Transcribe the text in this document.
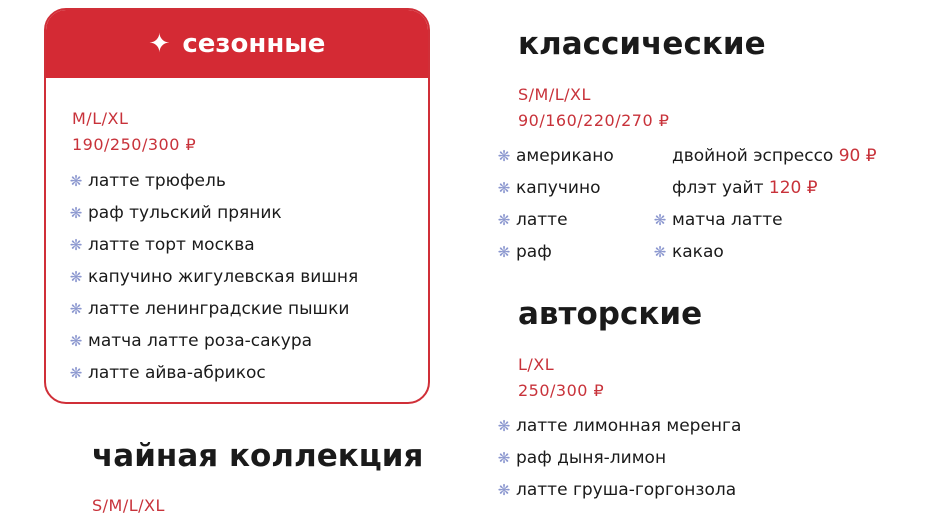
✦ сезонные
M/L/XL
190/250/300 ₽
❋ латте трюфель
❋ раф тульский пряник
❋ латте торт москва
❋ капучино жигулевская вишня
❋ латте ленинградские пышки
❋ матча латте роза-сакура
❋ латте айва-абрикос
чайная коллекция
S/M/L/XL
классические
S/M/L/XL
90/160/220/270 ₽
❋ американо
❋ капучино
❋ латте
❋ раф
двойной эспрессо 90 ₽
флэт уайт 120 ₽
❋ матча латте
❋ какао
авторские
L/XL
250/300 ₽
❋ латте лимонная меренга
❋ раф дыня-лимон
❋ латте груша-горгонзола
